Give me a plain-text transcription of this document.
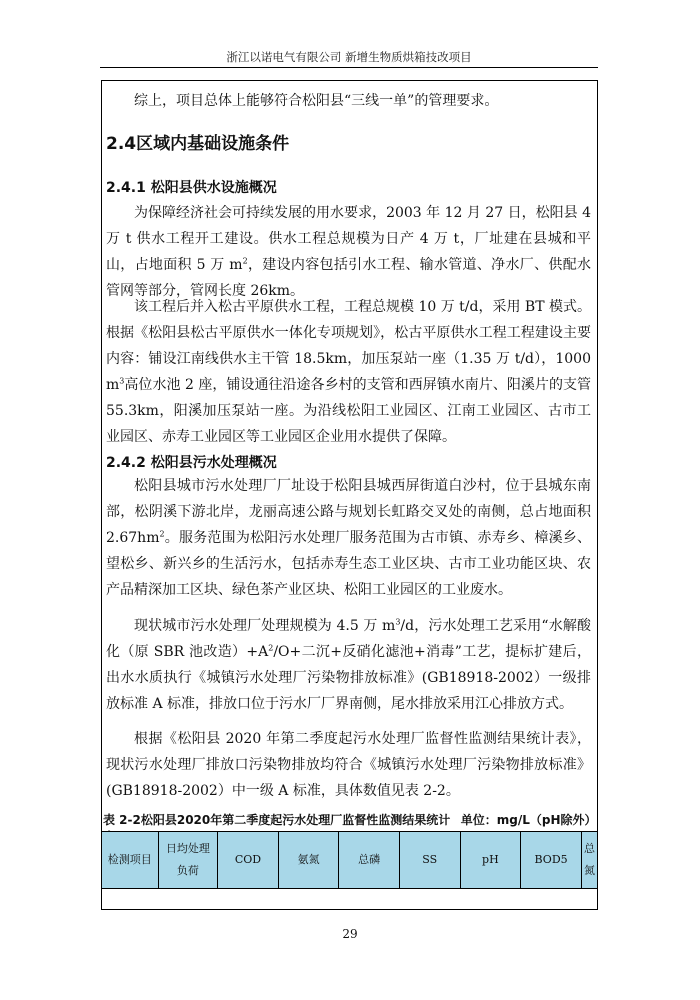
浙江以诺电气有限公司 新增生物质烘箱技改项目

综上，项目总体上能够符合松阳县“三线一单”的管理要求。

2.4区域内基础设施条件
2.4.1 松阳县供水设施概况

为保障经济社会可持续发展的用水要求，2003 年 12 月 27 日，松阳县 4 万 t 供水工程开工建设。供水工程总规模为日产 4 万 t，厂址建在县城和平山，占地面积 5 万 $m^2$，建设内容包括引水工程、输水管道、净水厂、供配水管网等部分，管网长度 26km。

该工程后并入松古平原供水工程，工程总规模 10 万 t/d，采用 BT 模式。根据《松阳县松古平原供水一体化专项规划》，松古平原供水工程工程建设主要内容：铺设江南线供水主干管 18.5km，加压泵站一座（1.35 万 t/d），1000 $m^3$高位水池 2 座，铺设通往沿途各乡村的支管和西屏镇水南片、阳溪片的支管 55.3km，阳溪加压泵站一座。为沿线松阳工业园区、江南工业园区、古市工业园区、赤寿工业园区等工业园区企业用水提供了保障。

2.4.2 松阳县污水处理概况

松阳县城市污水处理厂厂址设于松阳县城西屏街道白沙村，位于县城东南部，松阴溪下游北岸，龙丽高速公路与规划长虹路交叉处的南侧，总占地面积 $2.67hm^2$。服务范围为松阳污水处理厂服务范围为古市镇、赤寿乡、樟溪乡、望松乡、新兴乡的生活污水，包括赤寿生态工业区块、古市工业功能区块、农产品精深加工区块、绿色茶产业区块、松阳工业园区的工业废水。

现状城市污水处理厂处理规模为 4.5 万 $m^3/d$，污水处理工艺采用“水解酸化（原 SBR 池改造）$+A^2/O+$二沉+反硝化滤池+消毒”工艺，提标扩建后，出水水质执行《城镇污水处理厂污染物排放标准》(GB18918-2002）一级排放标准 A 标准，排放口位于污水厂厂界南侧，尾水排放采用江心排放方式。

根据《松阳县 2020 年第二季度起污水处理厂监督性监测结果统计表》，现状污水处理厂排放口污染物排放均符合《城镇污水处理厂污染物排放标准》(GB18918-2002）中一级 A 标准，具体数值见表 2-2。

表 2-2松阳县2020年第二季度起污水处理厂监督性监测结果统计 单位：mg/L（pH除外）
检测项目	日均处理负荷	COD	氨氮	总磷	SS	pH	BOD5	总氮
29
